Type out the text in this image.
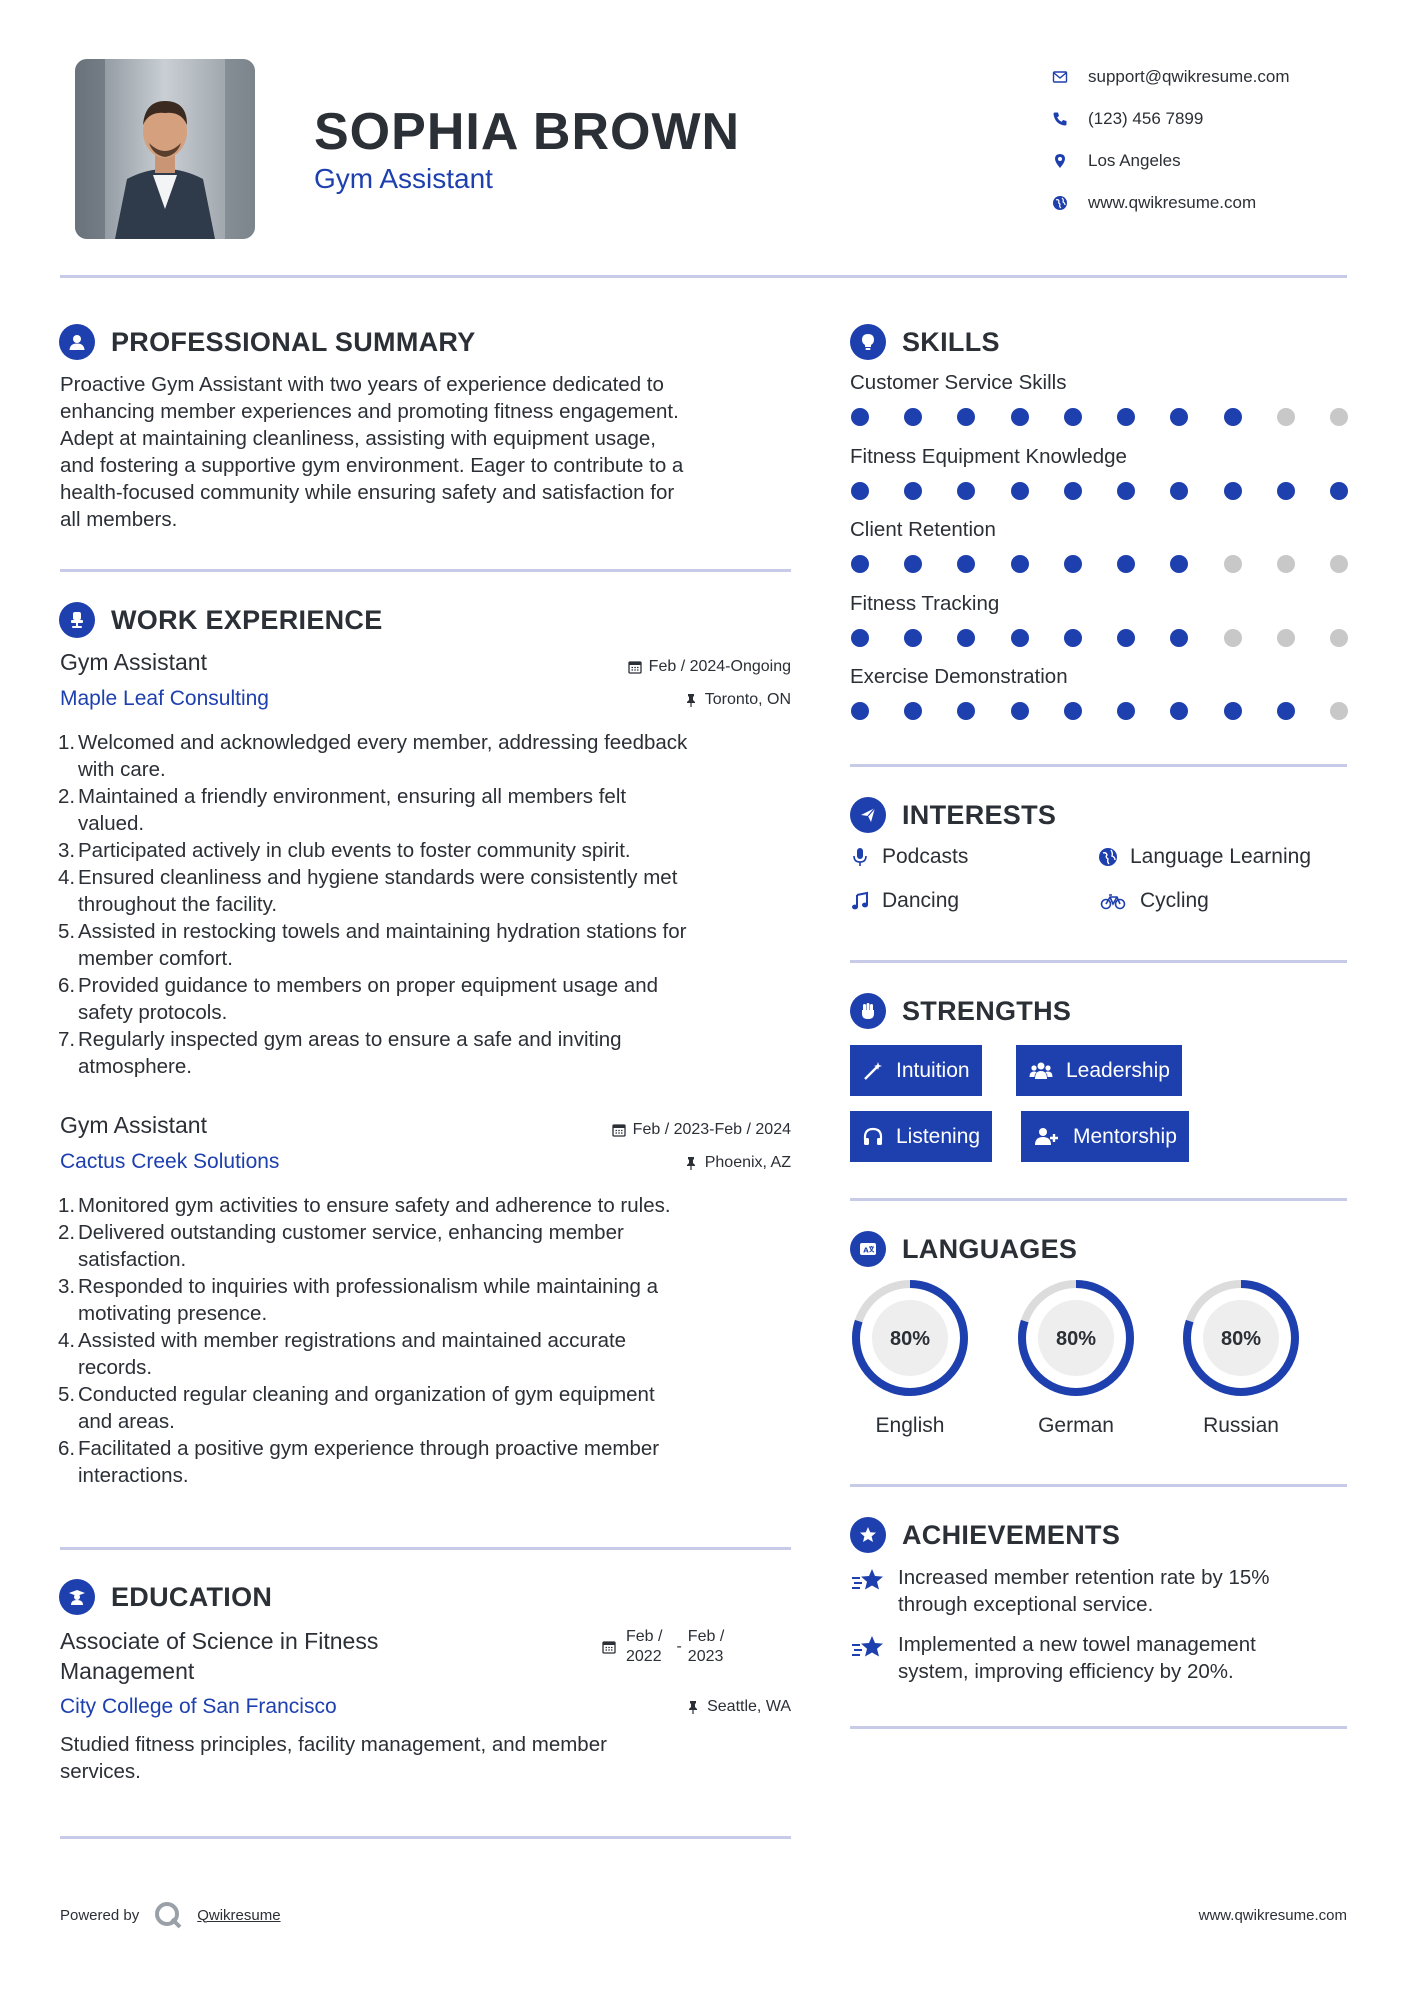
SOPHIA BROWN
Gym Assistant
support@qwikresume.com
(123) 456 7899
Los Angeles
www.qwikresume.com
PROFESSIONAL SUMMARY
Proactive Gym Assistant with two years of experience dedicated to
enhancing member experiences and promoting fitness engagement.
Adept at maintaining cleanliness, assisting with equipment usage,
and fostering a supportive gym environment. Eager to contribute to a
health-focused community while ensuring safety and satisfaction for
all members.
WORK EXPERIENCE
Gym Assistant	Feb / 2024-Ongoing
Maple Leaf Consulting	Toronto, ON
1. Welcomed and acknowledged every member, addressing feedback
with care.
2. Maintained a friendly environment, ensuring all members felt
valued.
3. Participated actively in club events to foster community spirit.
4. Ensured cleanliness and hygiene standards were consistently met
throughout the facility.
5. Assisted in restocking towels and maintaining hydration stations for
member comfort.
6. Provided guidance to members on proper equipment usage and
safety protocols.
7. Regularly inspected gym areas to ensure a safe and inviting
atmosphere.
Gym Assistant	Feb / 2023-Feb / 2024
Cactus Creek Solutions	Phoenix, AZ
1. Monitored gym activities to ensure safety and adherence to rules.
2. Delivered outstanding customer service, enhancing member
satisfaction.
3. Responded to inquiries with professionalism while maintaining a
motivating presence.
4. Assisted with member registrations and maintained accurate
records.
5. Conducted regular cleaning and organization of gym equipment
and areas.
6. Facilitated a positive gym experience through proactive member
interactions.
EDUCATION
Associate of Science in Fitness
Management
Feb /
2022
-
Feb /
2023
City College of San Francisco	Seattle, WA
Studied fitness principles, facility management, and member
services.
SKILLS
Customer Service Skills
Fitness Equipment Knowledge
Client Retention
Fitness Tracking
Exercise Demonstration
INTERESTS
Podcasts	Language Learning
Dancing	Cycling
STRENGTHS
Intuition	Leadership
Listening	Mentorship
A LANGUAGES
80%
English
80%
German
80%
Russian
ACHIEVEMENTS
Increased member retention rate by 15%
through exceptional service.
Implemented a new towel management
system, improving efficiency by 20%.
Powered by	Qwikresume	www.qwikresume.com
